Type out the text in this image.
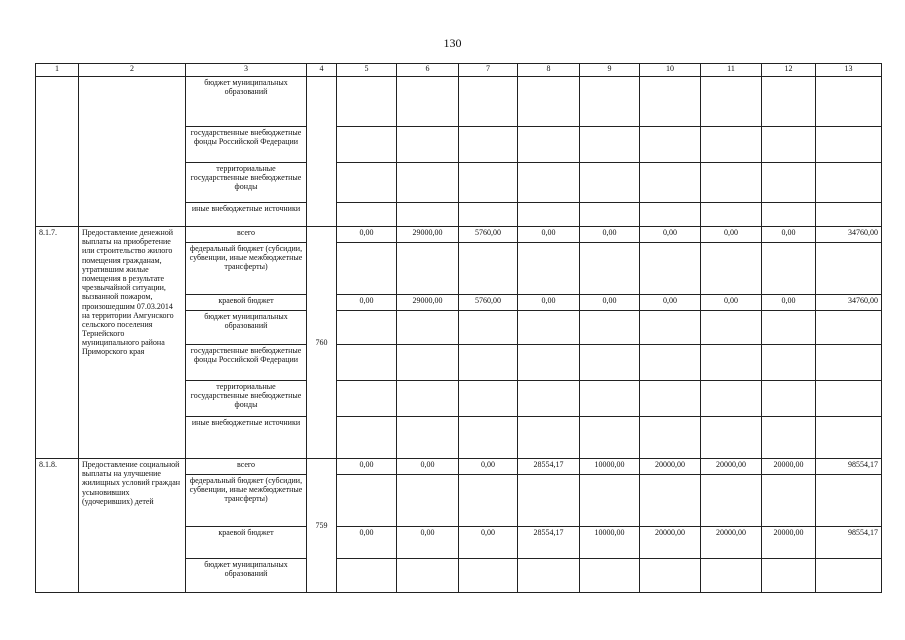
130
1	2	3	4	5	6	7	8	9	10	11	12	13
		бюджет муниципальных образований										
		государственные внебюджетные фонды Российской Федерации										
		территориальные государственные внебюджетные фонды										
		иные внебюджетные источники										
8.1.7.	Предоставление денежной выплаты на приобретение или строительство жилого помещения гражданам, утратившим жилые помещения в результате чрезвычайной ситуации, вызванной пожаром, произошедшим 07.03.2014 на территории Амгунского сельского поселения Тернейского муниципального района Приморского края	всего	760	0,00	29000,00	5760,00	0,00	0,00	0,00	0,00	0,00	34760,00
		федеральный бюджет (субсидии, субвенции, иные межбюджетные трансферты)										
		краевой бюджет		0,00	29000,00	5760,00	0,00	0,00	0,00	0,00	0,00	34760,00
		бюджет муниципальных образований										
		государственные внебюджетные фонды Российской Федерации										
		территориальные государственные внебюджетные фонды										
		иные внебюджетные источники										
8.1.8.	Предоставление социальной выплаты на улучшение жилищных условий граждан усыновивших (удочеривших) детей	всего	759	0,00	0,00	0,00	28554,17	10000,00	20000,00	20000,00	20000,00	98554,17
		федеральный бюджет (субсидии, субвенции, иные межбюджетные трансферты)										
		краевой бюджет		0,00	0,00	0,00	28554,17	10000,00	20000,00	20000,00	20000,00	98554,17
		бюджет муниципальных образований										
